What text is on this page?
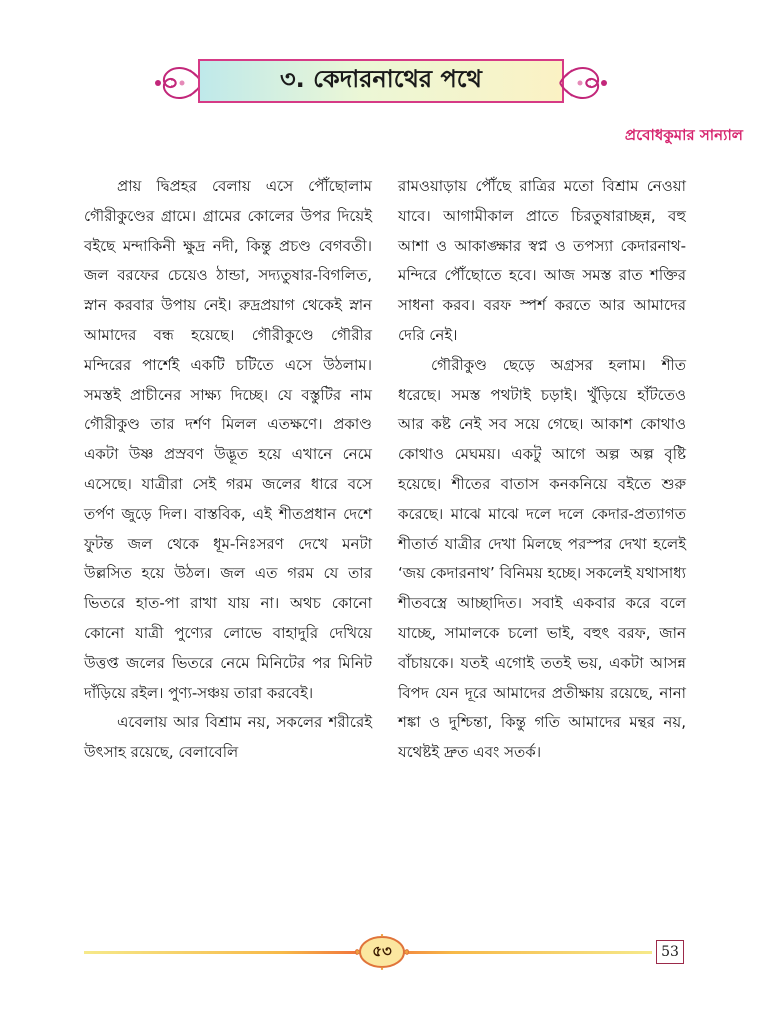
৩. কেদারনাথের পথে
প্রবোধকুমার সান্যাল

প্রায় দ্বিপ্রহর বেলায় এসে পৌঁছোলাম গৌরীকুণ্ডের গ্রামে। গ্রামের কোলের উপর দিয়েই বইছে মন্দাকিনী ক্ষুদ্র নদী, কিন্তু প্রচণ্ড বেগবতী। জল বরফের চেয়েও ঠান্ডা, সদ্যতুষার-বিগলিত, স্নান করবার উপায় নেই। রুদ্রপ্রয়াগ থেকেই স্নান আমাদের বন্ধ হয়েছে। গৌরীকুণ্ডে গৌরীর মন্দিরের পার্শেই একটি চটিতে এসে উঠলাম। সমস্তই প্রাচীনের সাক্ষ্য দিচ্ছে। যে বস্তুটির নাম গৌরীকুণ্ড তার দর্শণ মিলল এতক্ষণে। প্রকাণ্ড একটা উষ্ণ প্রস্রবণ উদ্ভূত হয়ে এখানে নেমে এসেছে। যাত্রীরা সেই গরম জলের ধারে বসে তর্পণ জুড়ে দিল। বাস্তবিক, এই শীতপ্রধান দেশে ফুটন্ত জল থেকে ধূম-নিঃসরণ দেখে মনটা উল্লসিত হয়ে উঠল। জল এত গরম যে তার ভিতরে হাত-পা রাখা যায় না। অথচ কোনো কোনো যাত্রী পুণ্যের লোভে বাহাদুরি দেখিয়ে উত্তপ্ত জলের ভিতরে নেমে মিনিটের পর মিনিট দাঁড়িয়ে রইল। পুণ্য-সঞ্চয় তারা করবেই।

এবেলায় আর বিশ্রাম নয়, সকলের শরীরেই উৎসাহ রয়েছে, বেলাবেলি

রামওয়াড়ায় পৌঁছে রাত্রির মতো বিশ্রাম নেওয়া যাবে। আগামীকাল প্রাতে চিরতুষারাচ্ছন্ন, বহু আশা ও আকাঙ্ক্ষার স্বপ্ন ও তপস্যা কেদারনাথ-মন্দিরে পৌঁছোতে হবে। আজ সমস্ত রাত শক্তির সাধনা করব। বরফ স্পর্শ করতে আর আমাদের দেরি নেই।

গৌরীকুণ্ড ছেড়ে অগ্রসর হলাম। শীত ধরেছে। সমস্ত পথটাই চড়াই। খুঁড়িয়ে হাঁটতেও আর কষ্ট নেই সব সয়ে গেছে। আকাশ কোথাও কোথাও মেঘময়। একটু আগে অল্প অল্প বৃষ্টি হয়েছে। শীতের বাতাস কনকনিয়ে বইতে শুরু করেছে। মাঝে মাঝে দলে দলে কেদার-প্রত্যাগত শীতার্ত যাত্রীর দেখা মিলছে পরস্পর দেখা হলেই ‘জয় কেদারনাথ’ বিনিময় হচ্ছে। সকলেই যথাসাধ্য শীতবস্ত্রে আচ্ছাদিত। সবাই একবার করে বলে যাচ্ছে, সামালকে চলো ভাই, বহুৎ বরফ, জান বাঁচায়কে। যতই এগোই ততই ভয়, একটা আসন্ন বিপদ যেন দূরে আমাদের প্রতীক্ষায় রয়েছে, নানা শঙ্কা ও দুশ্চিন্তা, কিন্তু গতি আমাদের মন্থর নয়, যথেষ্টই দ্রুত এবং সতর্ক।

৫৩	53
